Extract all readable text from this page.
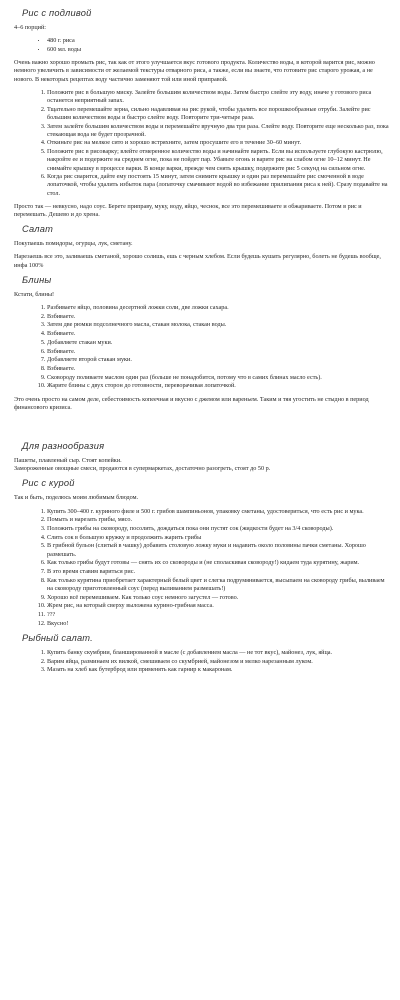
Рис с подливой

4–6 порций:

• 480 г. риса
• 600 мл. воды

Очень важно хорошо промыть рис, так как от этого улучшается вкус готового продукта. Количество воды, в которой варится рис, можно немного увеличить в зависимости от желаемой текстуры отварного риса, а также, если вы знаете, что готовите рис старого урожая, а не нового. В некоторых рецептах воду частично заменяют той или иной приправой.

1. Положите рис в большую миску. Залейте большим количеством воды. Затем быстро слейте эту воду, иначе у готового риса останется неприятный запах.
2. Тщательно перемешайте зерна, сильно надавливая на рис рукой, чтобы удалить все порошкообразные отруби. Залейте рис большим количеством воды и быстро слейте воду. Повторите три-четыре раза.
3. Затем залейте большим количеством воды и перемешайте вручную два три раза. Слейте воду. Повторите еще несколько раз, пока стекающая вода не будет прозрачной.
4. Откиньте рис на мелкое сито и хорошо встряхните, затем просушите его в течение 30–60 минут.
5. Положите рис в рисоварку; влейте отмеренное количество воды и начинайте варить. Если вы используете глубокую кастрюлю, накройте ее и подержите на среднем огне, пока не пойдет пар. Убавьте огонь и варите рис на слабом огне 10–12 минут. Не снимайте крышку в процессе варки. В конце варки, прежде чем снять крышку, подержите рис 5 секунд на сильном огне.
6. Когда рис сварится, дайте ему постоять 15 минут, затем снимите крышку и один раз перемешайте рис смоченной в воде лопаточкой, чтобы удалить избыток пара (лопаточку смачивают водой во избежание прилипания риса к ней). Сразу подавайте на стол.

Просто так — невкусно, надо соус. Берете приправу, муку, воду, яйцо, чеснок, все это перемешиваете и обжариваете. Потом в рис и перемешать. Дешево и до хрена.

Салат

Покупаешь помидоры, огурцы, лук, сметану.

Нарезаешь все это, заливаешь сметаной, хорошо солишь, ешь с черным хлебом. Если будешь кушать регулярно, болеть не будешь вообще, инфа 100%

Блины

Кстати, блины!

1. Разбиваете яйцо, половина десертной ложки соли, две ложки сахара.
2. Взбиваете.
3. Затем две рюмки подсолнечного масла, стакан молока, стакан воды.
4. Взбиваете.
5. Добавляете стакан муки.
6. Взбиваете.
7. Добавляете второй стакан муки.
8. Взбиваете.
9. Сковороду поливаете маслом один раз (больше не понадобится, потому что в самих блинах масло есть).
10. Жарите блины с двух сторон до готовности, переворачивая лопаточкой.

Это очень просто на самом деле, себестоимость копеечная и вкусно с джемом или вареньем. Таким и тяя угостить не стыдно в период финансового кризиса.

Для разнообразия

Пашеты, плавленый сыр. Стоят копейки.

Замороженные овощные смеси, продаются в супермаркетах, достаточно разогреть, стоят до 50 р.

Рис с курой

Так и быть, поделюсь моим любимым блюдом.

1. Купить 300–400 г. куриного филе и 500 г. грибов шампиньонов, упаковку сметаны, удостовериться, что есть рис и мука.
2. Помыть и нарезать грибы, мясо.
3. Положить грибы на сковороду, посолить, дождаться пока они пустят сок (жидкости будет на 3/4 сковороды).
4. Слить сок в большую кружку и продолжить жарить грибы
5. В грибной бульон (слитый в чашку) добавить столовую ложку муки и надавить около половины пачки сметаны. Хорошо размешать.
6. Как только грибы будут готовы — снять их со сковороды и (не споласкивая сковороду!) кидаем туда курятину, жарим.
7. В это время ставим вариться рис.
8. Как только курятина приобретает характерный белый цвет и слегка подрумянивается, высыпаем на сковороду грибы, выливаем на сковороду приготовленный соус (перед выливанием размешать!)
9. Хорошо всё перемешиваем. Как только соус немного загустел — готово.
10. Жрем рис, на который сверху выложена курино-грибная масса.
11. ???
12. Вкусно!
Рыбный салат.
1. Купить банку скумбрии, бланшированной в масле (с добавлением масла — не тот вкус), майонез, лук, яйца.
2. Варим яйца, разминаем их вилкой, смешиваем со скумбрией, майонезом и мелко нарезанным луком.
3. Мазать на хлеб как бутерброд или применять как гарнир к макаронам.
